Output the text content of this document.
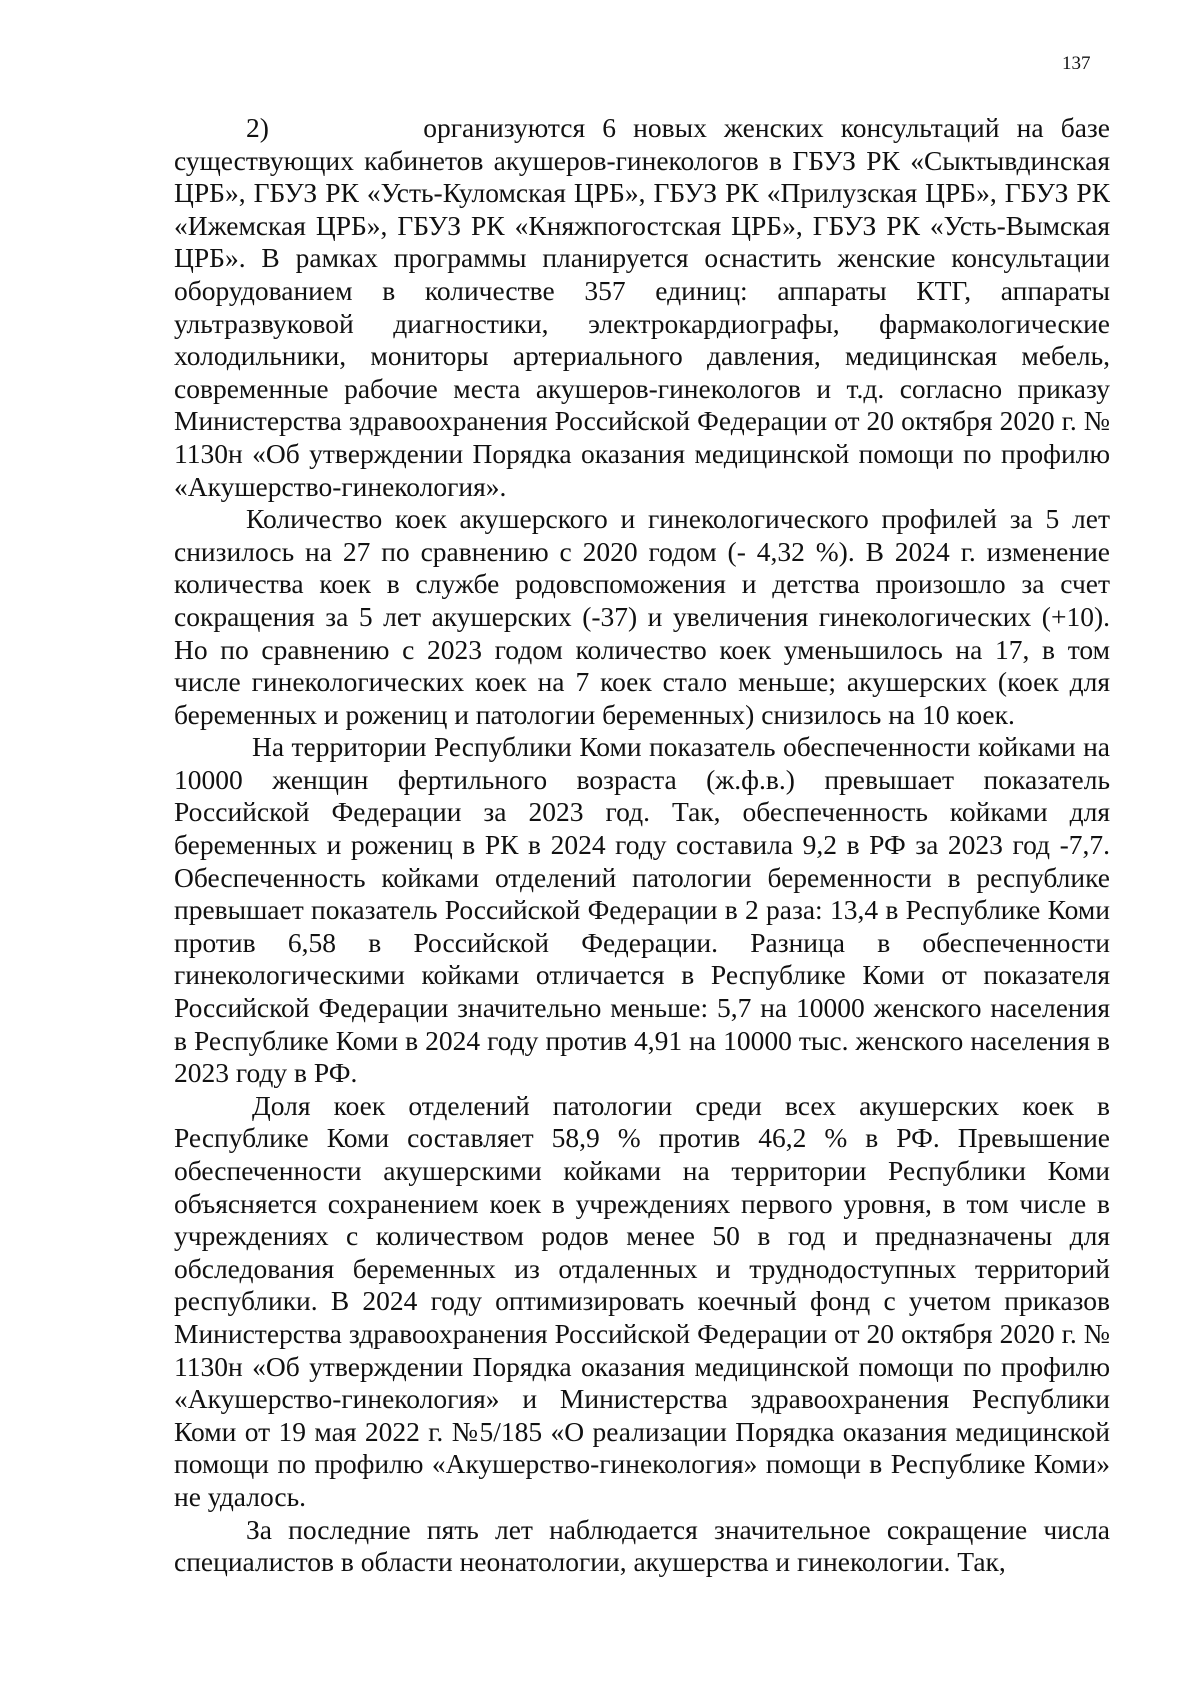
137

2)         организуются 6 новых женских консультаций на базе существующих кабинетов акушеров-гинекологов в ГБУЗ РК «Сыктывдинская ЦРБ», ГБУЗ РК «Усть-Куломская ЦРБ», ГБУЗ РК «Прилузская ЦРБ», ГБУЗ РК «Ижемская ЦРБ», ГБУЗ РК «Княжпогостская ЦРБ», ГБУЗ РК «Усть-Вымская ЦРБ». В рамках программы планируется оснастить женские консультации оборудованием в количестве 357 единиц: аппараты КТГ, аппараты ультразвуковой диагностики, электрокардиографы, фармакологические холодильники, мониторы артериального давления, медицинская мебель, современные рабочие места акушеров-гинекологов и т.д. согласно приказу Министерства здравоохранения Российской Федерации от 20 октября 2020 г. № 1130н «Об утверждении Порядка оказания медицинской помощи по профилю «Акушерство-гинекология».

Количество коек акушерского и гинекологического профилей за 5 лет снизилось на 27 по сравнению с 2020 годом (- 4,32 %). В 2024 г. изменение количества коек в службе родовспоможения и детства произошло за счет сокращения за 5 лет акушерских (-37) и увеличения гинекологических (+10). Но по сравнению с 2023 годом количество коек уменьшилось на 17, в том числе гинекологических коек на 7 коек стало меньше; акушерских (коек для беременных и рожениц и патологии беременных) снизилось на 10 коек.

На территории Республики Коми показатель обеспеченности койками на 10000 женщин фертильного возраста (ж.ф.в.) превышает показатель Российской Федерации за 2023 год. Так, обеспеченность койками для беременных и рожениц в РК в 2024 году составила 9,2 в РФ за 2023 год -7,7. Обеспеченность койками отделений патологии беременности в республике превышает показатель Российской Федерации в 2 раза: 13,4 в Республике Коми против 6,58 в Российской Федерации. Разница в обеспеченности гинекологическими койками отличается в Республике Коми от показателя Российской Федерации значительно меньше: 5,7 на 10000 женского населения в Республике Коми в 2024 году против 4,91 на 10000 тыс. женского населения в 2023 году в РФ.

Доля коек отделений патологии среди всех акушерских коек в Республике Коми составляет 58,9 % против 46,2 % в РФ. Превышение обеспеченности акушерскими койками на территории Республики Коми объясняется сохранением коек в учреждениях первого уровня, в том числе в учреждениях с количеством родов менее 50 в год и предназначены для обследования беременных из отдаленных и труднодоступных территорий республики. В 2024 году оптимизировать коечный фонд с учетом приказов Министерства здравоохранения Российской Федерации от 20 октября 2020 г. № 1130н «Об утверждении Порядка оказания медицинской помощи по профилю «Акушерство-гинекология» и Министерства здравоохранения Республики Коми от 19 мая 2022 г. №5/185 «О реализации Порядка оказания медицинской помощи по профилю «Акушерство-гинекология» помощи в Республике Коми» не удалось.

За последние пять лет наблюдается значительное сокращение числа специалистов в области неонатологии, акушерства и гинекологии. Так,
